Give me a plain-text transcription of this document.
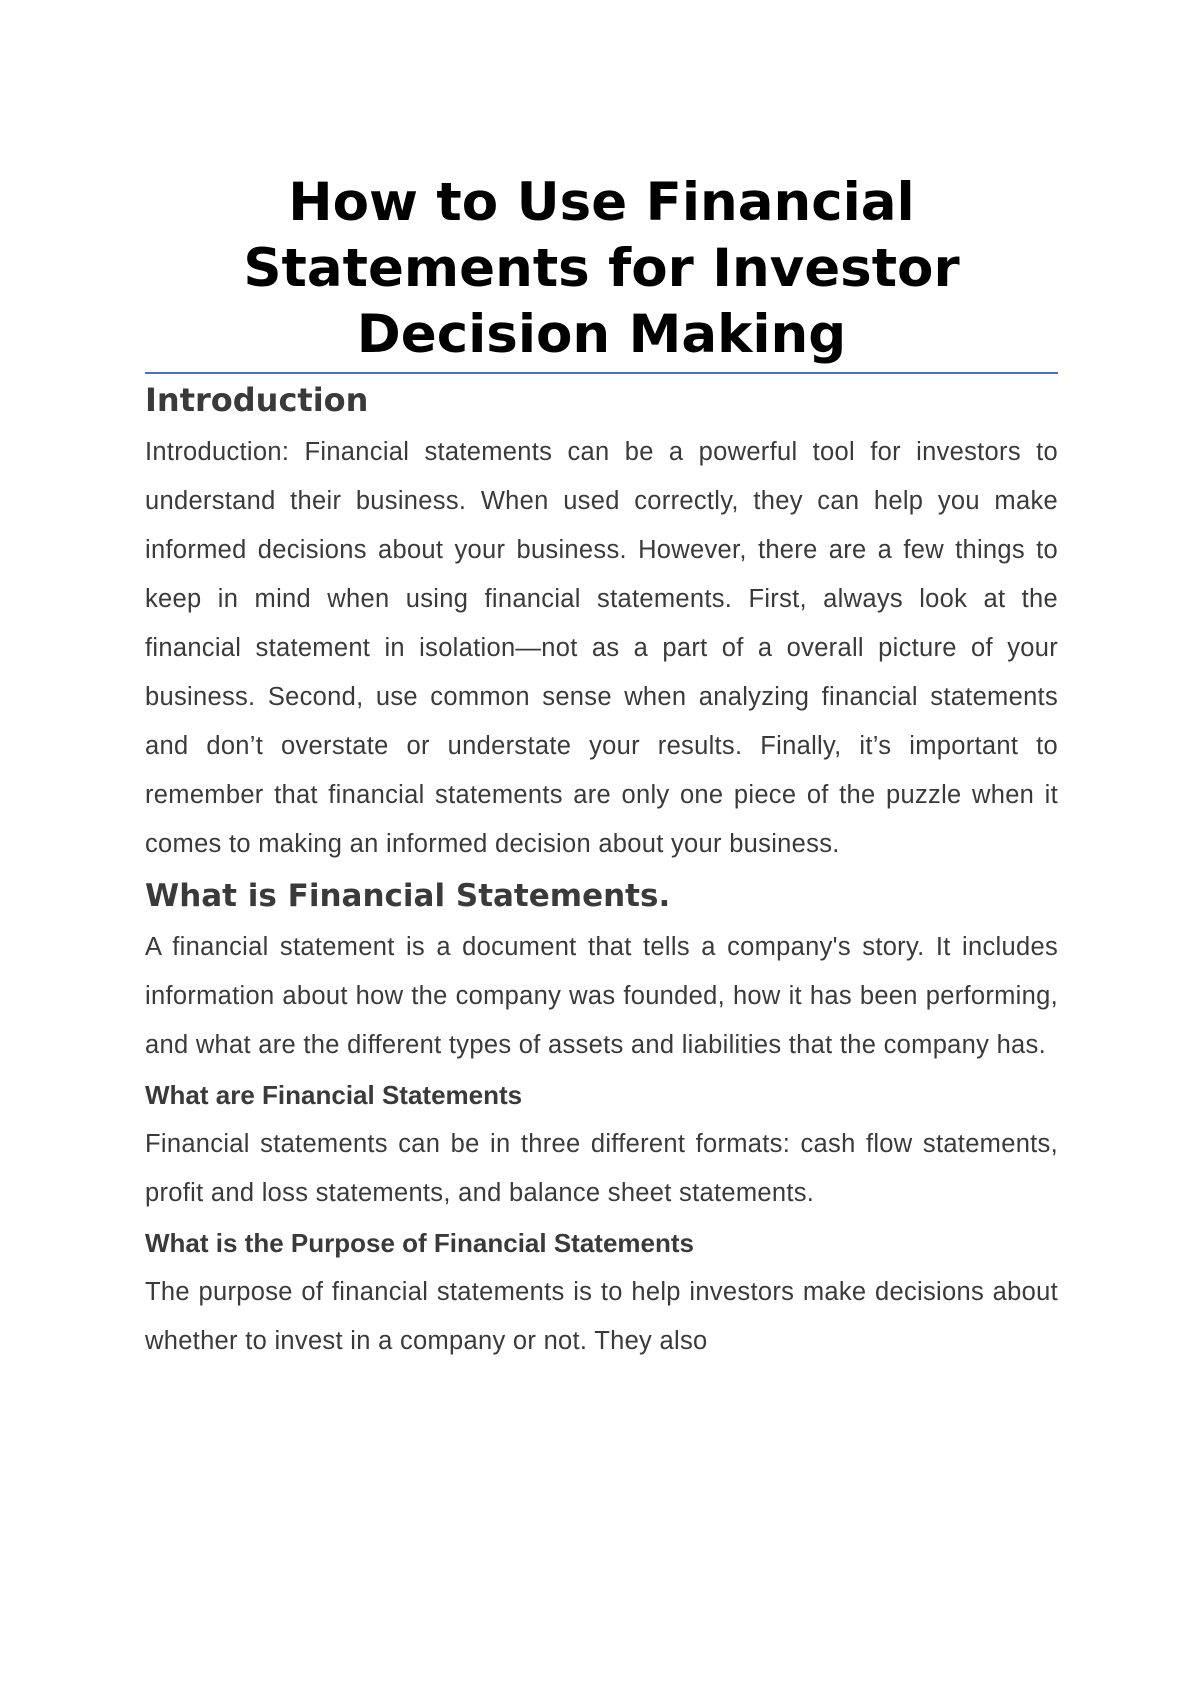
How to Use Financial Statements for Investor Decision Making
Introduction

Introduction: Financial statements can be a powerful tool for investors to understand their business. When used correctly, they can help you make informed decisions about your business. However, there are a few things to keep in mind when using financial statements. First, always look at the financial statement in isolation—not as a part of a overall picture of your business. Second, use common sense when analyzing financial statements and don’t overstate or understate your results. Finally, it’s important to remember that financial statements are only one piece of the puzzle when it comes to making an informed decision about your business.

What is Financial Statements.

A financial statement is a document that tells a company's story. It includes information about how the company was founded, how it has been performing, and what are the different types of assets and liabilities that the company has.

What are Financial Statements

Financial statements can be in three different formats: cash flow statements, profit and loss statements, and balance sheet statements.

What is the Purpose of Financial Statements

The purpose of financial statements is to help investors make decisions about whether to invest in a company or not. They also
